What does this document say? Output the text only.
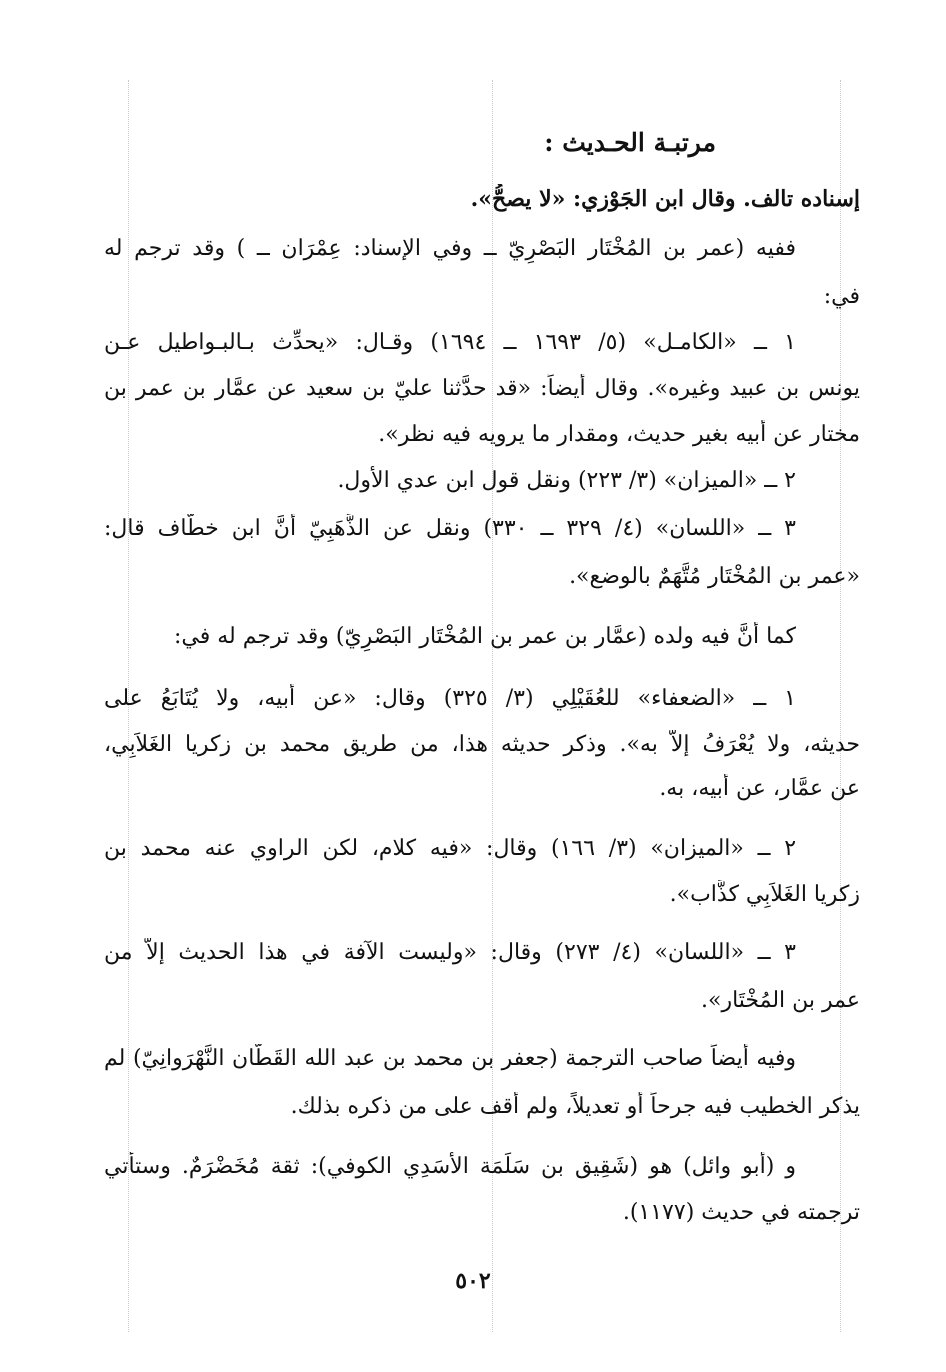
مرتبـة الحـديث :
إسناده تالف. وقال ابن الجَوْزي: «لا يصحُّ».
ففيه (عمر بن المُخْتَار البَصْرِيّ ــ وفي الإسناد: عِمْرَان ــ ) وقد ترجم له
في:
١ ــ «الكامـل» (٥/ ١٦٩٣ ــ ١٦٩٤) وقـال: «يحدِّث بـالبـواطيل عـن
يونس بن عبيد وغيره». وقال أيضاً: «قد حدَّثنا عليّ بن سعيد عن عمَّار بن عمر بن
مختار عن أبيه بغير حديث، ومقدار ما يرويه فيه نظر».
٢ ــ «الميزان» (٣/ ٢٢٣) ونقل قول ابن عدي الأول.
٣ ــ «اللسان» (٤/ ٣٢٩ ــ ٣٣٠) ونقل عن الذَّهَبِيّ أنَّ ابن خطَّاف قال:
«عمر بن المُخْتَار مُتَّهَمٌ بالوضع».
كما أنَّ فيه ولده (عمَّار بن عمر بن المُخْتَار البَصْرِيّ) وقد ترجم له في:
١ ــ «الضعفاء» للعُقَيْلِي (٣/ ٣٢٥) وقال: «عن أبيه، ولا يُتَابَعُ على
حديثه، ولا يُعْرَفُ إلاَّ به». وذكر حديثه هذا، من طريق محمد بن زكريا الغَلاَبِي،
عن عمَّار، عن أبيه، به.
٢ ــ «الميزان» (٣/ ١٦٦) وقال: «فيه كلام، لكن الراوي عنه محمد بن
زكريا الغَلاَبِي كذَّاب».
٣ ــ «اللسان» (٤/ ٢٧٣) وقال: «وليست الآفة في هذا الحديث إلاَّ من
عمر بن المُخْتَار».
وفيه أيضاً صاحب الترجمة (جعفر بن محمد بن عبد الله القَطَّان النَّهْرَوانِيّ) لم
يذكر الخطيب فيه جرحاً أو تعديلاً، ولم أقف على من ذكره بذلك.
و (أبو وائل) هو (شَقِيق بن سَلَمَة الأَسَدِي الكوفي): ثقة مُخَضْرَمٌ. وستأتي
ترجمته في حديث (١١٧٧).
٥٠٢
